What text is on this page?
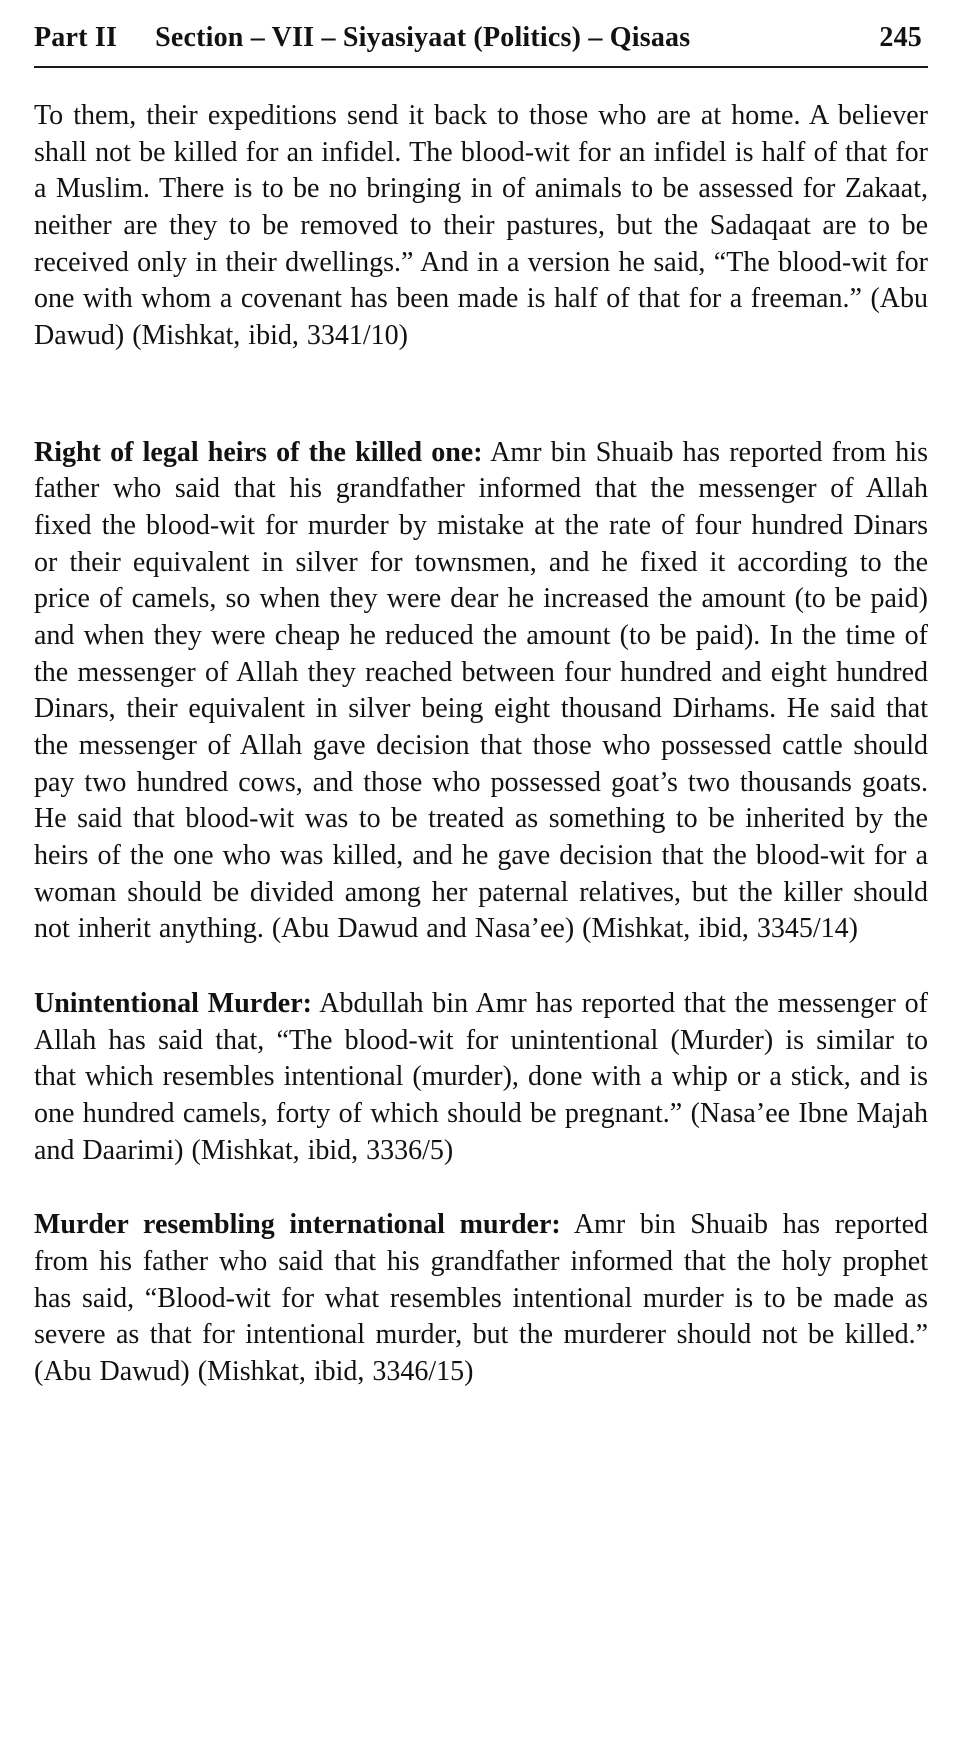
Part II Section – VII – Siyasiyaat (Politics) – Qisaas	245

To them, their expeditions send it back to those who are at home. A believer shall not be killed for an infidel. The blood-wit for an infidel is half of that for a Muslim. There is to be no bringing in of animals to be assessed for Zakaat, neither are they to be removed to their pastures, but the Sadaqaat are to be received only in their dwellings.” And in a version he said, “The blood-wit for one with whom a covenant has been made is half of that for a freeman.” (Abu Dawud) (Mishkat, ibid, 3341/10)

Right of legal heirs of the killed one: Amr bin Shuaib has reported from his father who said that his grandfather informed that the messenger of Allah fixed the blood-wit for murder by mistake at the rate of four hundred Dinars or their equivalent in silver for townsmen, and he fixed it according to the price of camels, so when they were dear he increased the amount (to be paid) and when they were cheap he reduced the amount (to be paid). In the time of the messenger of Allah they reached between four hundred and eight hundred Dinars, their equivalent in silver being eight thousand Dirhams. He said that the messenger of Allah gave decision that those who possessed cattle should pay two hundred cows, and those who possessed goat’s two thousands goats. He said that blood-wit was to be treated as something to be inherited by the heirs of the one who was killed, and he gave decision that the blood-wit for a woman should be divided among her paternal relatives, but the killer should not inherit anything. (Abu Dawud and Nasa’ee) (Mishkat, ibid, 3345/14)

Unintentional Murder: Abdullah bin Amr has reported that the messenger of Allah has said that, “The blood-wit for unintentional (Murder) is similar to that which resembles intentional (murder), done with a whip or a stick, and is one hundred camels, forty of which should be pregnant.” (Nasa’ee Ibne Majah and Daarimi) (Mishkat, ibid, 3336/5)

Murder resembling international murder: Amr bin Shuaib has reported from his father who said that his grandfather informed that the holy prophet has said, “Blood-wit for what resembles intentional murder is to be made as severe as that for intentional murder, but the murderer should not be killed.” (Abu Dawud) (Mishkat, ibid, 3346/15)
